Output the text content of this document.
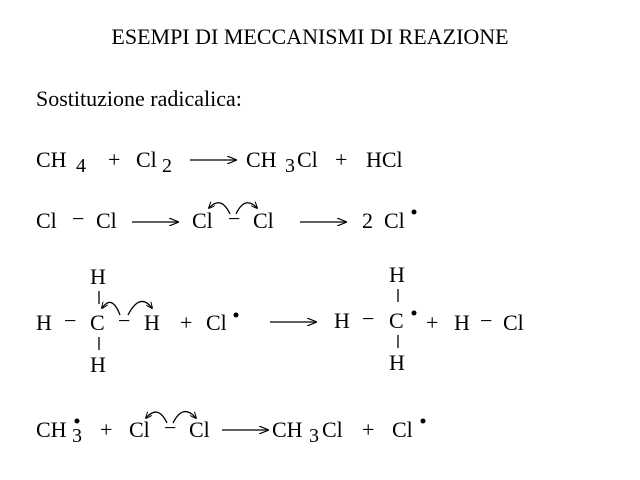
ESEMPI DI MECCANISMI DI REAZIONE
Sostituzione radicalica:
CH 4 + Cl 2	CH 3 Cl + HCl
Cl − Cl	Cl − Cl	2 Cl
H
H − C − H
H
+ Cl
H
H − C
H
+ H − Cl
CH 3 + Cl − Cl	CH 3 Cl + Cl
